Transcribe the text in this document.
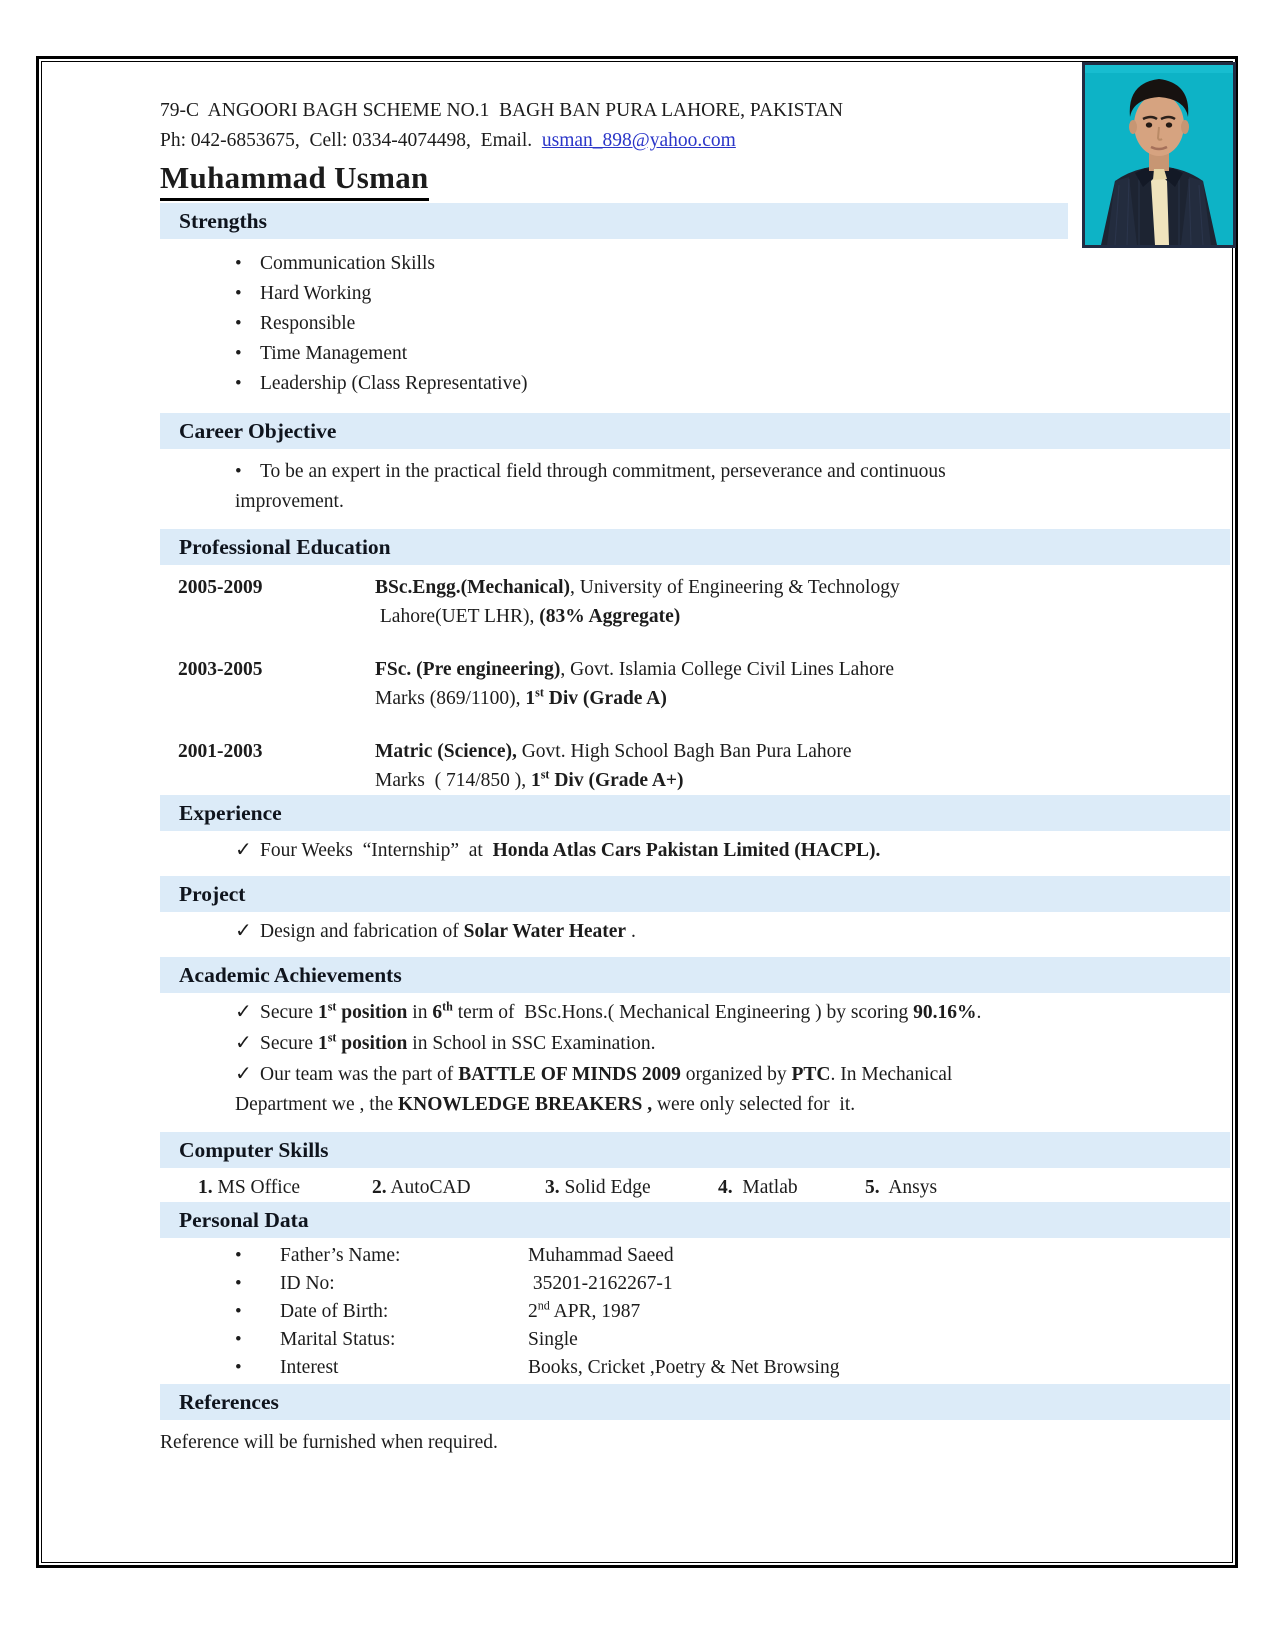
79-C  ANGOORI BAGH SCHEME NO.1  BAGH BAN PURA LAHORE, PAKISTAN
Ph: 042-6853675,  Cell: 0334-4074498,  Email.  usman_898@yahoo.com
Muhammad Usman
Strengths
• Communication Skills
• Hard Working
• Responsible
• Time Management
• Leadership (Class Representative)
Career Objective
• To be an expert in the practical field through commitment, perseverance and continuous  improvement.
Professional Education
2005-2009	BSc.Engg.(Mechanical), University of Engineering & Technology
Lahore(UET LHR), (83% Aggregate)
2003-2005	FSc. (Pre engineering), Govt. Islamia College Civil Lines Lahore
Marks (869/1100), 1st Div (Grade A)
2001-2003	Matric (Science), Govt. High School Bagh Ban Pura Lahore
Marks  ( 714/850 ), 1st Div (Grade A+)
Experience
✓ Four Weeks  “Internship”  at  Honda Atlas Cars Pakistan Limited (HACPL).
Project
✓ Design and fabrication of Solar Water Heater .
Academic Achievements
✓ Secure 1st position in 6th term of  BSc.Hons.( Mechanical Engineering ) by scoring 90.16%.
✓ Secure 1st position in School in SSC Examination.
✓ Our team was the part of BATTLE OF MINDS 2009 organized by PTC. In Mechanical
Department we , the KNOWLEDGE BREAKERS , were only selected for  it.
Computer Skills
1. MS Office	2. AutoCAD	3. Solid Edge	4. Matlab	5. Ansys
Personal Data
•	Father’s Name:	Muhammad Saeed
•	ID No:	35201-2162267-1
•	Date of Birth:	2nd APR, 1987
•	Marital Status:	Single
•	Interest	Books, Cricket ,Poetry & Net Browsing
References
Reference will be furnished when required.
